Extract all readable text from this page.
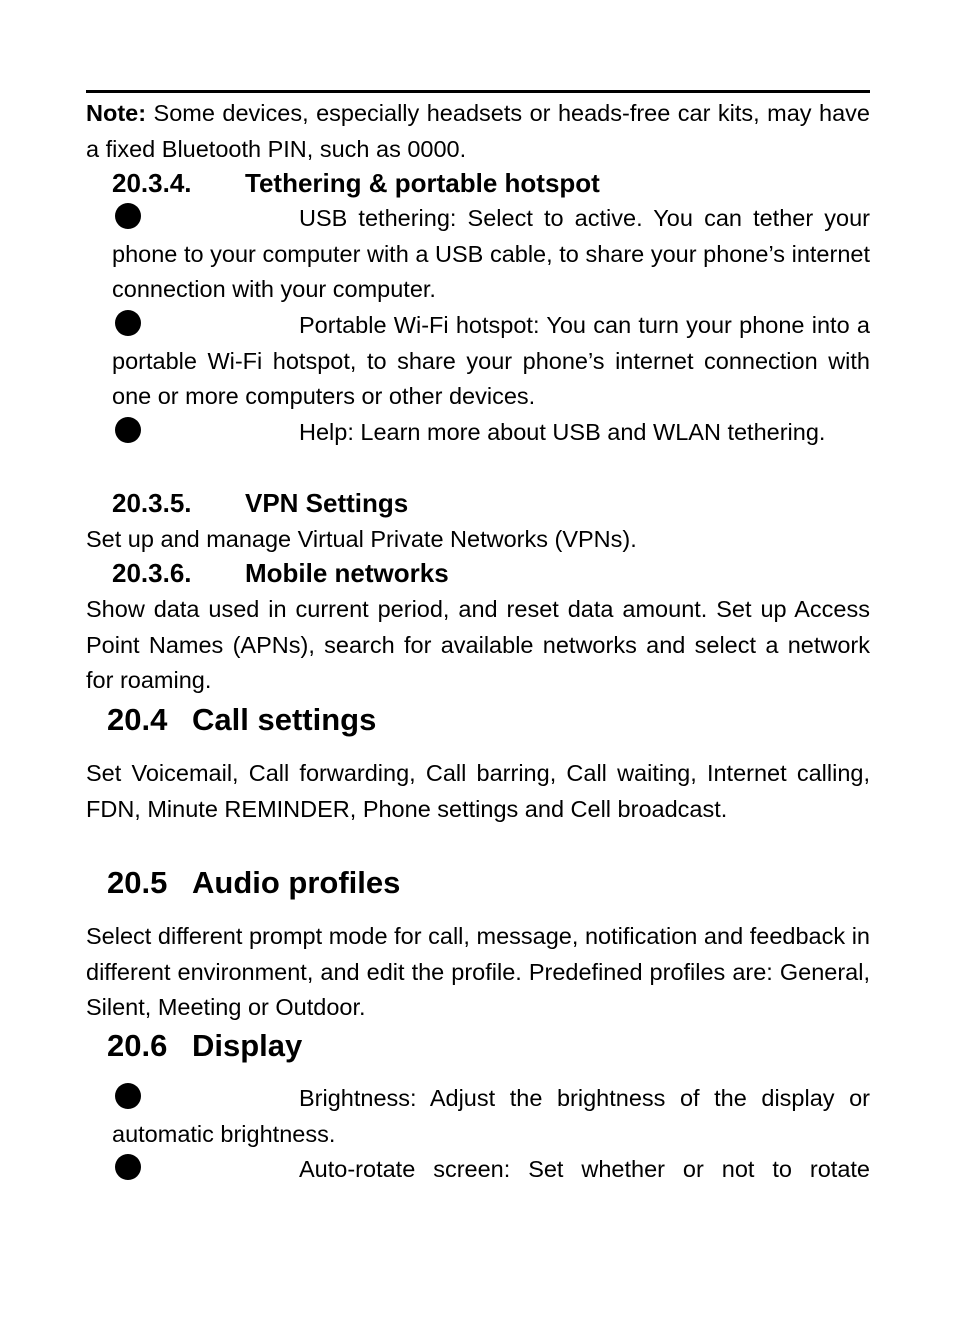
Note: Some devices, especially headsets or heads-free car kits, may have a fixed Bluetooth PIN, such as 0000.

20.3.4. Tethering & portable hotspot

USB tethering: Select to active. You can tether your phone to your computer with a USB cable, to share your phone’s internet connection with your computer.

Portable Wi-Fi hotspot: You can turn your phone into a portable Wi-Fi hotspot, to share your phone’s internet connection with one or more computers or other devices.

Help: Learn more about USB and WLAN tethering.

20.3.5. VPN Settings

Set up and manage Virtual Private Networks (VPNs).

20.3.6. Mobile networks

Show data used in current period, and reset data amount. Set up Access Point Names (APNs), search for available networks and select a network for roaming.

20.4 Call settings

Set Voicemail, Call forwarding, Call barring, Call waiting, Internet calling, FDN, Minute REMINDER, Phone settings and Cell broadcast.

20.5 Audio profiles

Select different prompt mode for call, message, notification and feedback in different environment, and edit the profile. Predefined profiles are: General, Silent, Meeting or Outdoor.

20.6 Display

Brightness: Adjust the brightness of the display or automatic brightness.

Auto-rotate screen: Set whether or not to rotate
